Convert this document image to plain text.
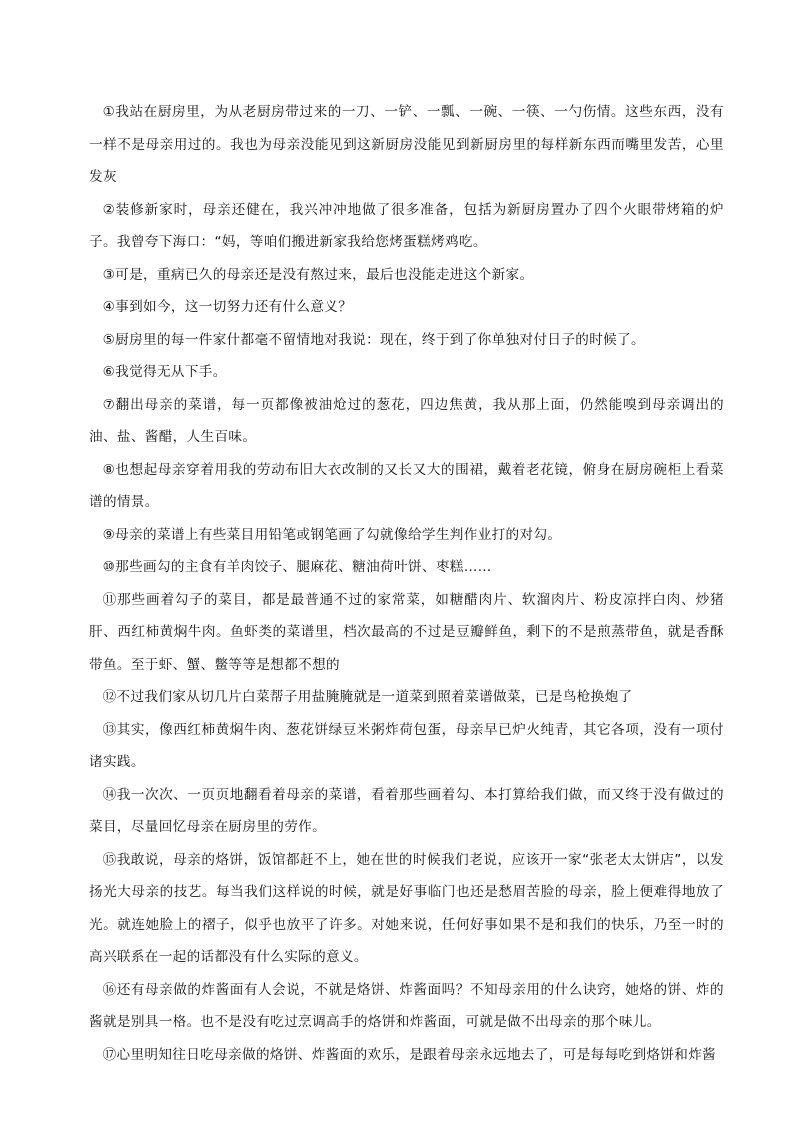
①我站在厨房里，为从老厨房带过来的一刀、一铲、一瓢、一碗、一筷、一勺伤情。这些东西，没有一样不是母亲用过的。我也为母亲没能见到这新厨房没能见到新厨房里的每样新东西而嘴里发苦，心里发灰

②装修新家时，母亲还健在，我兴冲冲地做了很多准备，包括为新厨房置办了四个火眼带烤箱的炉子。我曾夸下海口：“妈，等咱们搬进新家我给您烤蛋糕烤鸡吃。

③可是，重病已久的母亲还是没有熬过来，最后也没能走进这个新家。

④事到如今，这一切努力还有什么意义？

⑤厨房里的每一件家什都毫不留情地对我说：现在，终于到了你单独对付日子的时候了。

⑥我觉得无从下手。

⑦翻出母亲的菜谱，每一页都像被油炝过的葱花，四边焦黄，我从那上面，仍然能嗅到母亲调出的油、盐、酱醋，人生百味。

⑧也想起母亲穿着用我的劳动布旧大衣改制的又长又大的围裙，戴着老花镜，俯身在厨房碗柜上看菜谱的情景。

⑨母亲的菜谱上有些菜目用铅笔或钢笔画了勾就像给学生判作业打的对勾。

⑩那些画勾的主食有羊肉饺子、腿麻花、糖油荷叶饼、枣糕……

⑪那些画着勾子的菜目，都是最普通不过的家常菜，如糖醋肉片、软溜肉片、粉皮凉拌白肉、炒猪肝、西红柿黄焖牛肉。鱼虾类的菜谱里，档次最高的不过是豆瓣鲜鱼，剩下的不是煎蒸带鱼，就是香酥带鱼。至于虾、蟹、鳖等等是想都不想的

⑫不过我们家从切几片白菜帮子用盐腌腌就是一道菜到照着菜谱做菜，已是鸟枪换炮了

⑬其实，像西红柿黄焖牛肉、葱花饼绿豆米粥炸荷包蛋，母亲早已炉火纯青，其它各项，没有一项付诸实践。

⑭我一次次、一页页地翻看着母亲的菜谱，看着那些画着勾、本打算给我们做，而又终于没有做过的菜目，尽量回忆母亲在厨房里的劳作。

⑮我敢说，母亲的烙饼，饭馆都赶不上，她在世的时候我们老说，应该开一家“张老太太饼店”，以发扬光大母亲的技艺。每当我们这样说的时候，就是好事临门也还是愁眉苦脸的母亲，脸上便难得地放了光。就连她脸上的褶子，似乎也放平了许多。对她来说，任何好事如果不是和我们的快乐，乃至一时的高兴联系在一起的话都没有什么实际的意义。

⑯还有母亲做的炸酱面有人会说，不就是烙饼、炸酱面吗？不知母亲用的什么诀窍，她烙的饼、炸的酱就是别具一格。也不是没有吃过烹调高手的烙饼和炸酱面，可就是做不出母亲的那个味儿。

⑰心里明知往日吃母亲做的烙饼、炸酱面的欢乐，是跟着母亲永远地去了，可是每每吃到烙饼和炸酱
